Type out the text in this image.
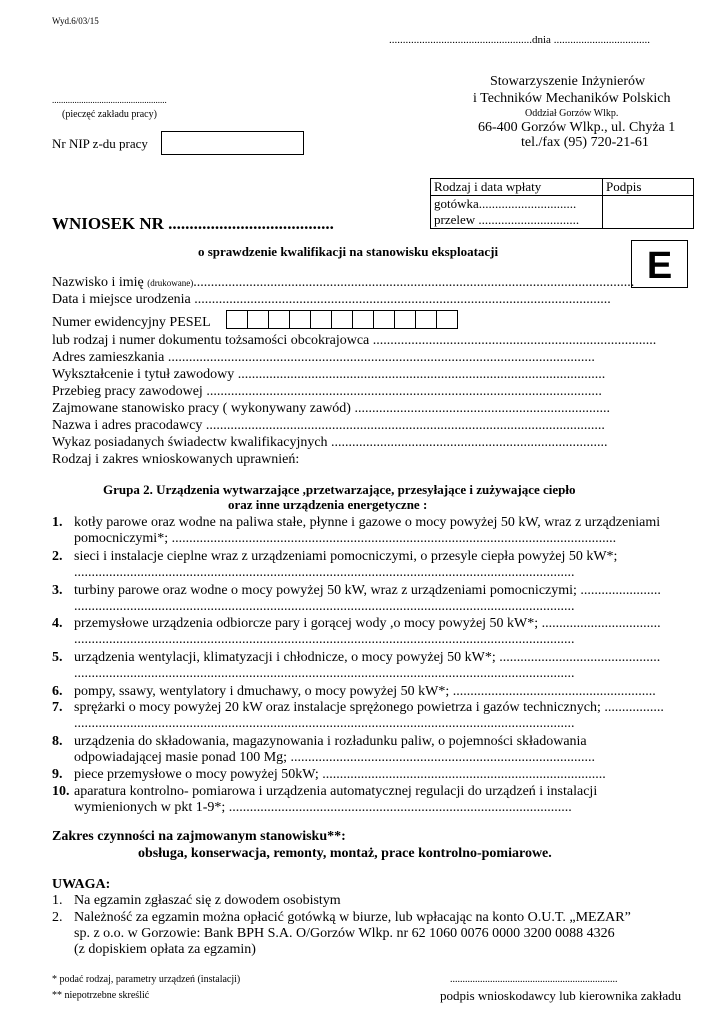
Wyd.6/03/15
....................................................dnia ...................................
...................................................
(pieczęć zakładu pracy)
Nr NIP z-du pracy
Stowarzyszenie Inżynierów
i Techników Mechaników Polskich
Oddział Gorzów Wlkp.
66-400 Gorzów Wlkp., ul. Chyża 1
tel./fax (95) 720-21-61
Rodzaj i data wpłaty	Podpis
gotówka..............................	
przelew ...............................	
WNIOSEK NR .......................................
o sprawdzenie kwalifikacji na stanowisku eksploatacji	E
Nazwisko i imię (drukowane)..............................................................................................................................
Data i miejsce urodzenia .......................................................................................................................
Numer ewidencyjny PESEL
lub rodzaj i numer dokumentu tożsamości obcokrajowca .................................................................................
Adres zamieszkania ..........................................................................................................................
Wykształcenie i tytuł zawodowy .........................................................................................................
Przebieg pracy zawodowej .................................................................................................................
Zajmowane stanowisko pracy ( wykonywany zawód) .........................................................................
Nazwa i adres pracodawcy ..................................................................................................................
Wykaz posiadanych świadectw kwalifikacyjnych ...............................................................................
Rodzaj i zakres wnioskowanych uprawnień:
Grupa 2. Urządzenia wytwarzające ,przetwarzające, przesyłające i zużywające ciepło
oraz inne urządzenia energetyczne :
1. kotły parowe oraz wodne na paliwa stałe, płynne i gazowe o mocy powyżej 50 kW, wraz z urządzeniami
pomocniczymi*; ...............................................................................................................................
2. sieci i instalacje cieplne wraz z urządzeniami pomocniczymi, o przesyle ciepła powyżej 50 kW*;
...............................................................................................................................................
3. turbiny parowe oraz wodne o mocy powyżej 50 kW, wraz z urządzeniami pomocniczymi; .......................
...............................................................................................................................................
4. przemysłowe urządzenia odbiorcze pary i gorącej wody ,o mocy powyżej 50 kW*; ..................................
...............................................................................................................................................
5. urządzenia wentylacji, klimatyzacji i chłodnicze, o mocy powyżej 50 kW*; ..............................................
...............................................................................................................................................
6. pompy, ssawy, wentylatory i dmuchawy, o mocy powyżej 50 kW*; ..........................................................
7. sprężarki o mocy powyżej 20 kW oraz instalacje sprężonego powietrza i gazów technicznych; .................
...............................................................................................................................................
8. urządzenia do składowania, magazynowania i rozładunku paliw, o pojemności składowania
odpowiadającej masie ponad 100 Mg; .......................................................................................
9. piece przemysłowe o mocy powyżej 50kW; .................................................................................
10. aparatura kontrolno- pomiarowa i urządzenia automatycznej regulacji do urządzeń i instalacji
wymienionych w pkt 1-9*; ..................................................................................................
Zakres czynności na zajmowanym stanowisku**:
obsługa, konserwacja, remonty, montaż, prace kontrolno-pomiarowe.
UWAGA:
1. Na egzamin zgłaszać się z dowodem osobistym
2. Należność za egzamin można opłacić gotówką w biurze, lub wpłacając na konto O.U.T. „MEZAR”
sp. z o.o. w Gorzowie: Bank BPH S.A. O/Gorzów Wlkp. nr 62 1060 0076 0000 3200 0088 4326
(z dopiskiem opłata za egzamin)
* podać rodzaj, parametry urządzeń (instalacji)
** niepotrzebne skreślić
...................................................................
podpis wnioskodawcy lub kierownika zakładu
